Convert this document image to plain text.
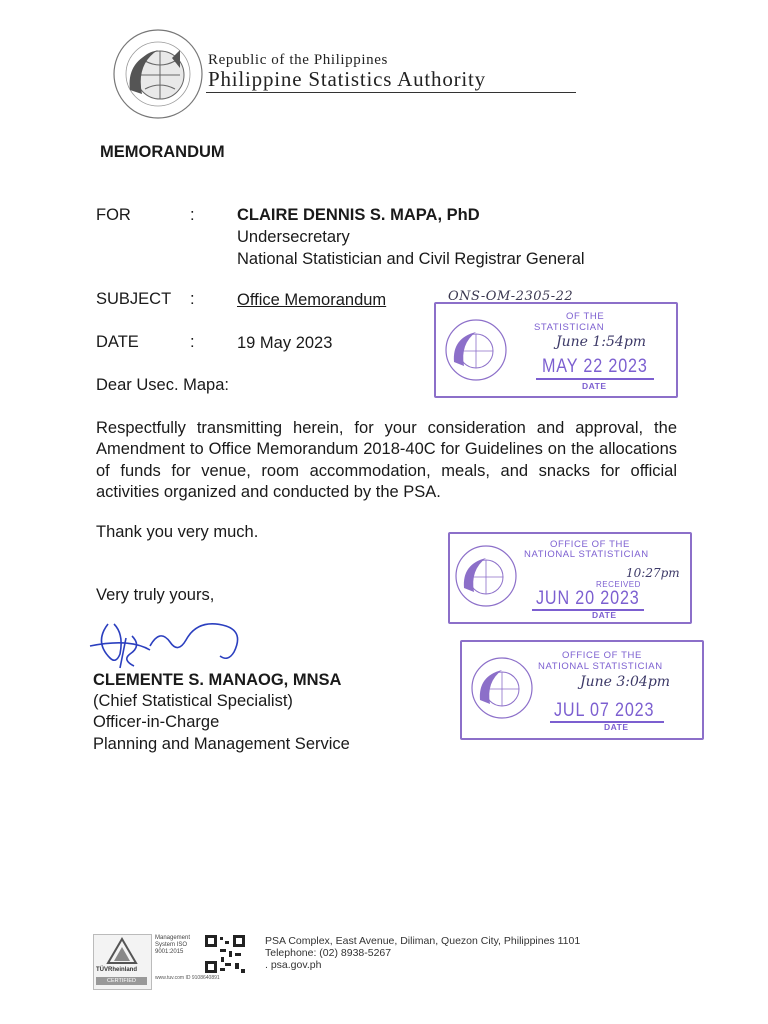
Republic of the Philippines
Philippine Statistics Authority
MEMORANDUM
FOR	:	CLAIRE DENNIS S. MAPA, PhD
Undersecretary
National Statistician and Civil Registrar General
SUBJECT :	Office Memorandum	ONS-OM-2305-22
DATE	:	19 May 2023
OF THE
STATISTICIAN
June 1:54pm
MAY 22 2023
DATE
Dear Usec. Mapa:
Respectfully transmitting herein, for your consideration and approval, the Amendment to Office Memorandum 2018-40C for Guidelines on the allocations of funds for venue, room accommodation, meals, and snacks for official activities organized and conducted by the PSA.
Thank you very much.
OFFICE OF THE
NATIONAL STATISTICIAN
10:27pm
RECEIVED
JUN 20 2023
DATE
Very truly yours,
CLEMENTE S. MANAOG, MNSA
(Chief Statistical Specialist)
Officer-in-Charge
Planning and Management Service
OFFICE OF THE
NATIONAL STATISTICIAN
June 3:04pm
JUL 07 2023
DATE
TÜVRheinland
CERTIFIED
Management System ISO 9001:2015
www.tuv.com ID 9108640891
PSA Complex, East Avenue, Diliman, Quezon City, Philippines 1101
Telephone: (02) 8938-5267
. psa.gov.ph
